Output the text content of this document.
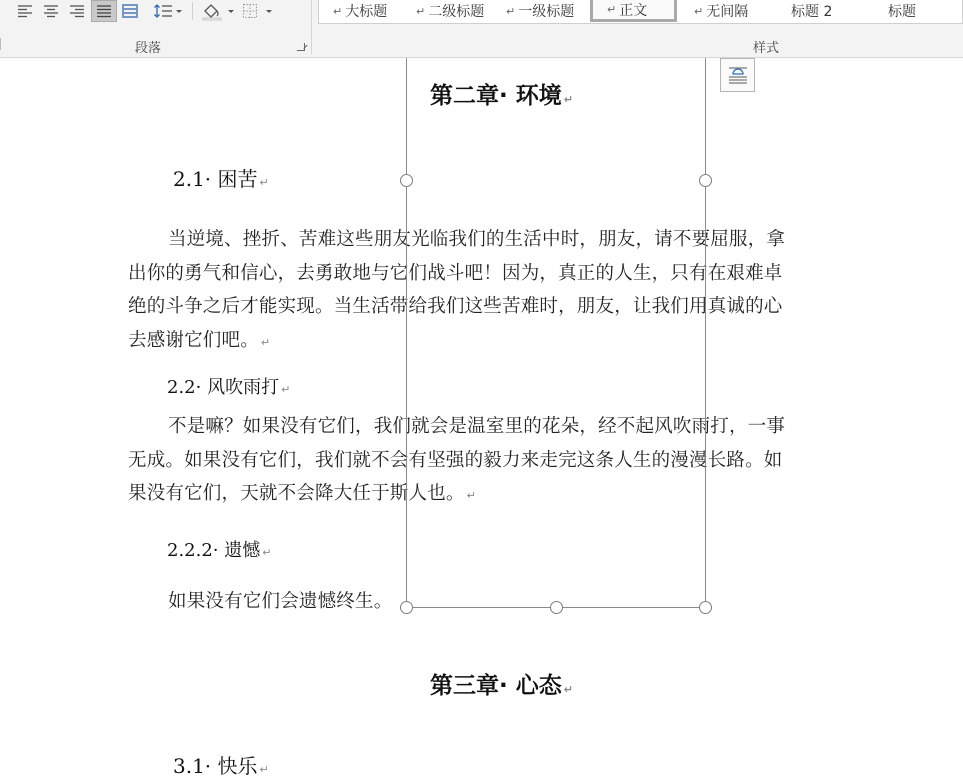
段落
↵ 大标题	↵ 二级标题 ↵ 一级标题	↵ 正文	↵ 无间隔	标题 2	标题
样式
第二章· 环境 ↵
2.1· 困苦 ↵
当逆境、挫折、苦难这些朋友光临我们的生活中时，朋友，请不要屈服，拿
出你的勇气和信心，去勇敢地与它们战斗吧！因为，真正的人生，只有在艰难卓
绝的斗争之后才能实现。当生活带给我们这些苦难时，朋友，让我们用真诚的心
去感谢它们吧。 ↵
2.2· 风吹雨打 ↵
不是嘛？如果没有它们，我们就会是温室里的花朵，经不起风吹雨打，一事
无成。如果没有它们，我们就不会有坚强的毅力来走完这条人生的漫漫长路。如
果没有它们，天就不会降大任于斯人也。 ↵
2.2.2· 遗憾 ↵
如果没有它们会遗憾终生。
第三章· 心态 ↵
3.1· 快乐 ↵
